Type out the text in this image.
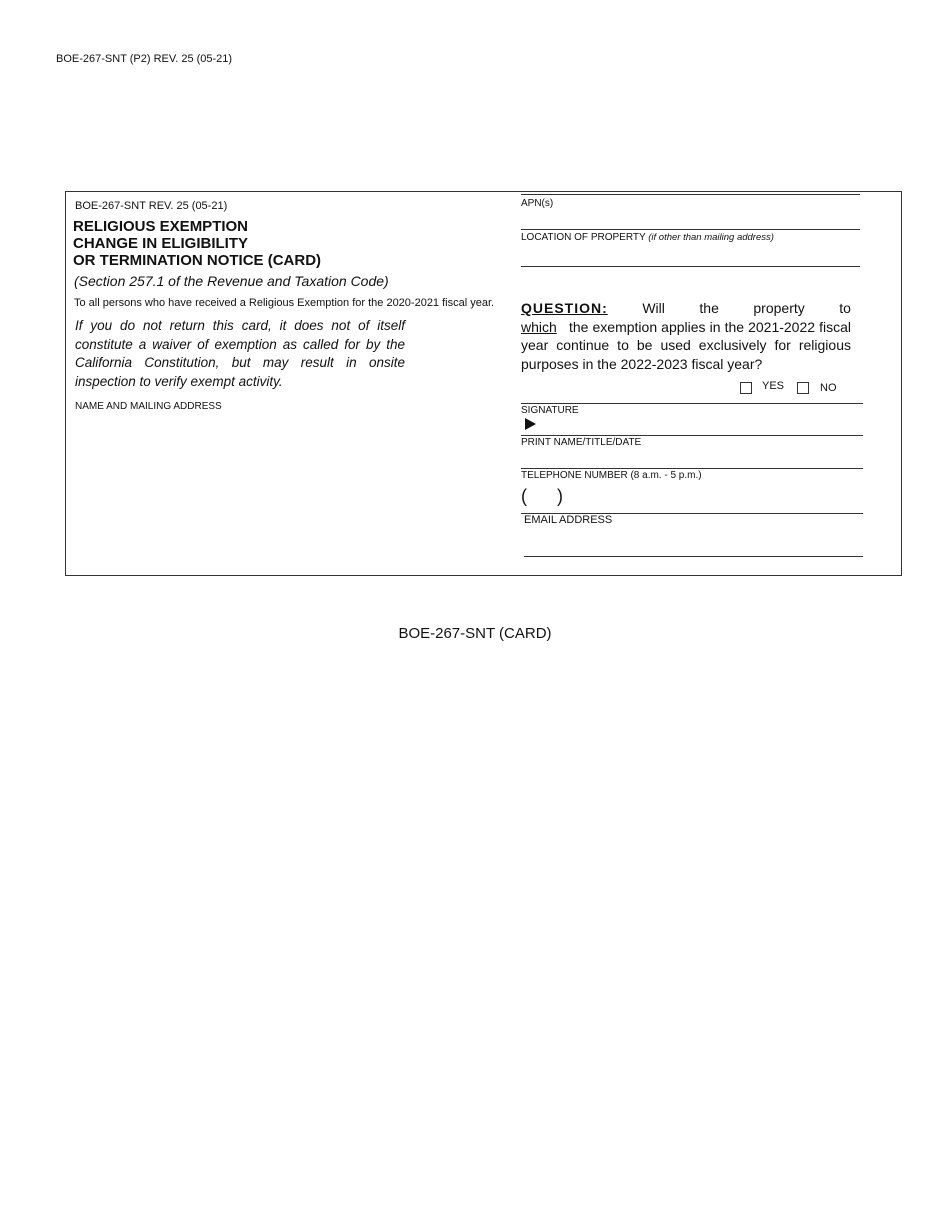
BOE-267-SNT (P2) REV. 25 (05-21)
BOE-267-SNT REV. 25 (05-21)
RELIGIOUS EXEMPTION
CHANGE IN ELIGIBILITY
OR TERMINATION NOTICE (CARD)
(Section 257.1 of the Revenue and Taxation Code)
To all persons who have received a Religious Exemption for the 2020-2021 fiscal year.
If you do not return this card, it does not of itself constitute a waiver of exemption as called for by the California Constitution, but may result in onsite inspection to verify exempt activity.
NAME AND MAILING ADDRESS
APN(s)
LOCATION OF PROPERTY (if other than mailing address)
QUESTION: Will the property to
which the exemption applies in the 2021-2022 fiscal year continue to be used exclusively for religious purposes in the 2022-2023 fiscal year?
YES	NO
SIGNATURE
PRINT NAME/TITLE/DATE
TELEPHONE NUMBER (8 a.m. - 5 p.m.)
(      )
EMAIL ADDRESS
BOE-267-SNT (CARD)
